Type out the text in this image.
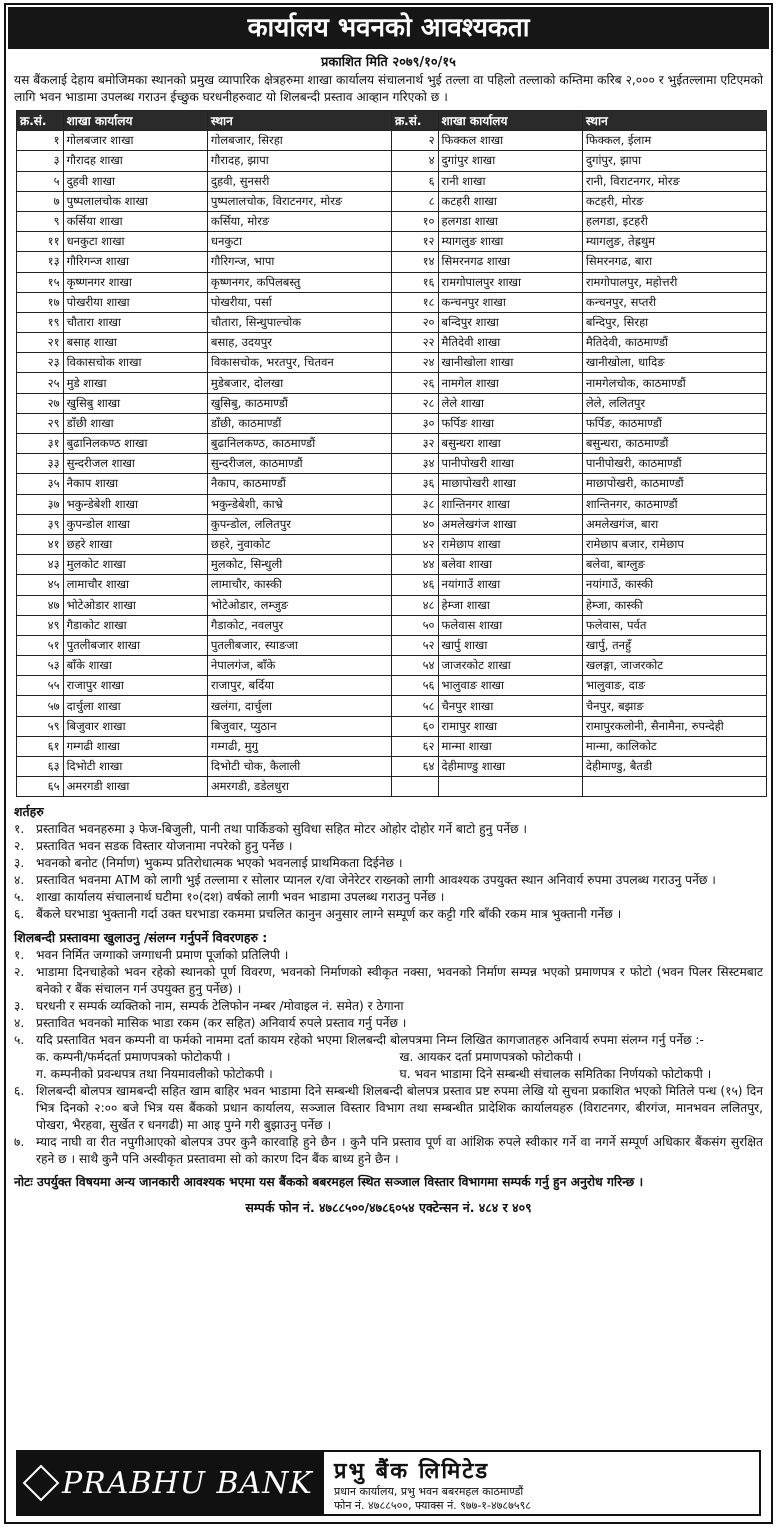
कार्यालय भवनको आवश्यकता
प्रकाशित मिति २०७९/१०/१५
यस बैंकलाई देहाय बमोजिमका स्थानको प्रमुख व्यापारिक क्षेत्रहरुमा शाखा कार्यालय संचालनार्थ भुई तल्ला वा पहिलो तल्लाको कम्तिमा करिब २,००० र भुईतल्लामा एटिएमको लागि भवन भाडामा उपलब्ध गराउन ईच्छुक घरधनीहरुवाट यो शिलबन्दी प्रस्ताव आव्हान गरिएको छ ।
क्र.सं.	शाखा कार्यालय	स्थान	क्र.सं.	शाखा कार्यालय	स्थान
१	गोलबजार शाखा	गोलबजार, सिरहा	२	फिक्कल शाखा	फिक्कल, ईलाम
३	गौरादह शाखा	गौरादह, झापा	४	दुगांपुर शाखा	दुगांपुर, झापा
५	दुहवी शाखा	दुहवी, सुनसरी	६	रानी शाखा	रानी, विराटनगर, मोरङ
७	पुष्पलालचोक शाखा	पुष्पलालचोक, विराटनगर, मोरङ	८	कटहरी शाखा	कटहरी, मोरङ
९	कर्सिया शाखा	कर्सिया, मोरङ	१०	हलगडा शाखा	हलगडा, इटहरी
११	धनकुटा शाखा	धनकुटा	१२	म्यागलुङ शाखा	म्यागलुङ, तेह्रथुम
१३	गौरिगन्ज शाखा	गौरिगन्ज, भापा	१४	सिमरनगढ शाखा	सिमरनगढ, बारा
१५	कृष्णनगर शाखा	कृष्णनगर, कपिलबस्तु	१६	रामगोपालपुर शाखा	रामगोपालपुर, महोत्तरी
१७	पोखरीया शाखा	पोखरीया, पर्सा	१८	कन्चनपुर शाखा	कन्चनपुर, सप्तरी
१९	चौतारा शाखा	चौतारा, सिन्धुपाल्चोक	२०	बन्दिपुर शाखा	बन्दिपुर, सिरहा
२१	बसाह शाखा	बसाह, उदयपुर	२२	मैतिदेवी शाखा	मैतिदेवी, काठमाण्डौं
२३	विकासचोक शाखा	विकासचोक, भरतपुर, चितवन	२४	खानीखोला शाखा	खानीखोला, धादिङ
२५	मुडे शाखा	मुडेबजार, दोलखा	२६	नामगेल शाखा	नामगेलचोक, काठमाण्डौं
२७	खुसिबु शाखा	खुसिबु, काठमाण्डौं	२८	लेले शाखा	लेले, ललितपुर
२९	डाँछी शाखा	डाँछी, काठमाण्डौं	३०	फर्पिङ शाखा	फर्पिङ, काठमाण्डौं
३१	बुढानिलकण्ठ शाखा	बुढानिलकण्ठ, काठमाण्डौं	३२	बसुन्धरा शाखा	बसुन्धरा, काठमाण्डौं
३३	सुन्दरीजल शाखा	सुन्दरीजल, काठमाण्डौं	३४	पानीपोखरी शाखा	पानीपोखरी, काठमाण्डौं
३५	नैकाप शाखा	नैकाप, काठमाण्डौं	३६	माछापोखरी शाखा	माछापोखरी, काठमाण्डौं
३७	भकुन्डेबेशी शाखा	भकुन्डेबेशी, काभ्रे	३८	शान्तिनगर शाखा	शान्तिनगर, काठमाण्डौं
३९	कुपन्डोल शाखा	कुपन्डोल, ललितपुर	४०	अमलेखगंज शाखा	अमलेखगंज, बारा
४१	छहरे शाखा	छहरे, नुवाकोट	४२	रामेछाप शाखा	रामेछाप बजार, रामेछाप
४३	मुलकोट शाखा	मुलकोट, सिन्धुली	४४	बलेवा शाखा	बलेवा, बाग्लुङ
४५	लामाचौर शाखा	लामाचौर, कास्की	४६	नयांगाउँ शाखा	नयांगाउँ, कास्की
४७	भोटेओडार शाखा	भोटेओडार, लम्जुङ	४८	हेम्जा शाखा	हेम्जा, कास्की
४९	गैडाकोट शाखा	गैडाकोट, नवलपुर	५०	फलेवास शाखा	फलेवास, पर्वत
५१	पुतलीबजार शाखा	पुतलीबजार, स्याङजा	५२	खार्पु शाखा	खार्पु, तनहुँ
५३	बाँके शाखा	नेपालगंज, बाँके	५४	जाजरकोट शाखा	खलङ्गा, जाजरकोट
५५	राजापुर शाखा	राजापुर, बर्दिया	५६	भालुवाङ शाखा	भालुवाङ, दाङ
५७	दार्चुला शाखा	खलंगा, दार्चुला	५८	चैनपुर शाखा	चैनपुर, बझाङ
५९	बिजुवार शाखा	बिजुवार, प्युठान	६०	रामापुर शाखा	रामापुरकलोनी, सैनामैना, रुपन्देही
६१	गम्गढी शाखा	गम्गढी, मुगु	६२	मान्मा शाखा	मान्मा, कालिकोट
६३	दिभोटी शाखा	दिभोटी चोक, कैलाली	६४	देहीमाण्डु शाखा	देहीमाण्डु, बैतडी
६५	अमरगडी शाखा	अमरगडी, डडेलधुरा			
शर्तहरु
१. प्रस्तावित भवनहरुमा ३ फेज-बिजुली, पानी तथा पार्किङको सुविधा सहित मोटर ओहोर दोहोर गर्ने बाटो हुनु पर्नेछ ।
२. प्रस्तावित भवन सडक विस्तार योजनामा नपरेको हुनु पर्नेछ ।
३. भवनको बनोट (निर्माण) भुकम्प प्रतिरोधात्मक भएको भवनलाई प्राथमिकता दिईनेछ ।
४. प्रस्तावित भवनमा ATM को लागी भुई तल्लामा र सोलार प्यानल र/वा जेनेरेटर राख्नको लागी आवश्यक उपयुक्त स्थान अनिवार्य रुपमा उपलब्ध गराउनु पर्नेछ ।
५. शाखा कार्यालय संचालनार्थ घटीमा १०(दश) वर्षको लागी भवन भाडामा उपलब्ध गराउनु पर्नेछ ।
६. बैंकले घरभाडा भुक्तानी गर्दा उक्त घरभाडा रकममा प्रचलित कानुन अनुसार लाग्ने सम्पूर्ण कर कट्टी गरि बाँकी रकम मात्र भुक्तानी गर्नेछ ।
शिलबन्दी प्रस्तावमा खुलाउनु /संलग्न गर्नुपर्ने विवरणहरु :
१. भवन निर्मित जग्गाको जग्गाधनी प्रमाण पूर्जाको प्रतिलिपी ।
२. भाडामा दिनचाहेको भवन रहेको स्थानको पूर्ण विवरण, भवनको निर्माणको स्वीकृत नक्सा, भवनको निर्माण सम्पन्न भएको प्रमाणपत्र र फोटो (भवन पिलर सिस्टमबाट बनेको र बैंक संचालन गर्न उपयुक्त हुनु पर्नेछ) ।
३. घरधनी र सम्पर्क व्यक्तिको नाम, सम्पर्क टेलिफोन नम्बर /मोवाइल नं. समेत) र ठेगाना
४. प्रस्तावित भवनको मासिक भाडा रकम (कर सहित) अनिवार्य रुपले प्रस्ताव गर्नु पर्नेछ ।
५. यदि प्रस्तावित भवन कम्पनी वा फर्मको नाममा दर्ता कायम रहेको भएमा शिलबन्दी बोलपत्रमा निम्न लिखित कागजातहरु अनिवार्य रुपमा संलग्न गर्नु पर्नेछ :-
क. कम्पनी/फर्मदर्ता प्रमाणपत्रको फोटोकपी ।	ख. आयकर दर्ता प्रमाणपत्रको फोटोकपी ।
ग. कम्पनीको प्रवन्धपत्र तथा नियमावलीको फोटोकपी ।	घ. भवन भाडामा दिने सम्बन्धी संचालक समितिका निर्णयको फोटोकपी ।
६. शिलबन्दी बोलपत्र खामबन्दी सहित खाम बाहिर भवन भाडामा दिने सम्बन्धी शिलबन्दी बोलपत्र प्रस्ताव प्रष्ट रुपमा लेखि यो सुचना प्रकाशित भएको मितिले पन्ध (१५) दिन भित्र दिनको २:०० बजे भित्र यस बैंकको प्रधान कार्यालय, सञ्जाल विस्तार विभाग तथा सम्बन्धीत प्रादेशिक कार्यालयहरु (विराटनगर, बीरगंज, मानभवन ललितपुर, पोखरा, भैरहवा, सुर्खेत र धनगढी) मा आइ पुग्ने गरी बुझाउनु पर्नेछ ।
७. म्याद नाघी वा रीत नपुगीआएको बोलपत्र उपर कुनै कारवाहि हुने छैन । कुनै पनि प्रस्ताव पूर्ण वा आंशिक रुपले स्वीकार गर्ने वा नगर्ने सम्पूर्ण अधिकार बैंकसंग सुरक्षित रहने छ । साथै कुनै पनि अस्वीकृत प्रस्तावमा सो को कारण दिन बैंक बाध्य हुने छैन ।
नोटः उपर्युक्त विषयमा अन्य जानकारी आवश्यक भएमा यस बैंकको बबरमहल स्थित सञ्जाल विस्तार विभागमा सम्पर्क गर्नु हुन अनुरोध गरिन्छ ।
सम्पर्क फोन नं. ४७८८५००/४७८६०५४ एक्टेन्सन नं. ४८४ र ४०९
PRABHU BANK प्रभु बैंक लिमिटेड
प्रधान कार्यालय, प्रभु भवन बबरमहल काठमाण्डौं
फोन नं. ४७८८५००, फ्याक्स नं. ९७७-१-४७८७५९८
